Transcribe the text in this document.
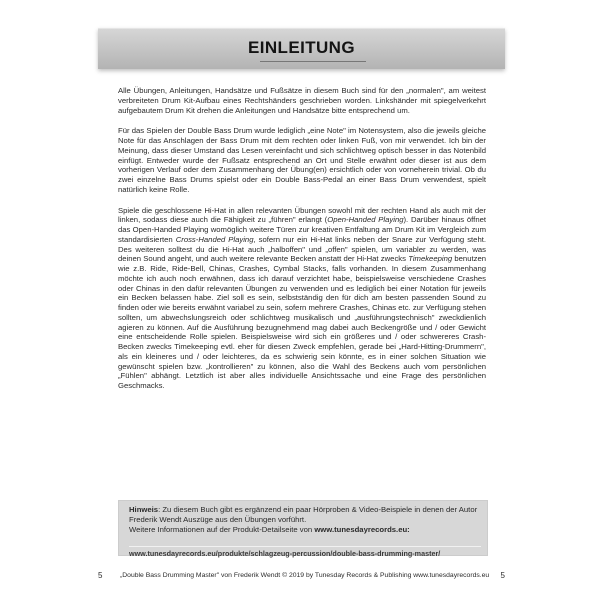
EINLEITUNG

Alle Übungen, Anleitungen, Handsätze und Fußsätze in diesem Buch sind für den „normalen", am weitest verbreiteten Drum Kit-Aufbau eines Rechtshänders geschrieben worden. Linkshänder mit spiegelverkehrt aufgebautem Drum Kit drehen die Anleitungen und Handsätze bitte entsprechend um.

Für das Spielen der Double Bass Drum wurde lediglich „eine Note" im Notensystem, also die jeweils gleiche Note für das Anschlagen der Bass Drum mit dem rechten oder linken Fuß, von mir verwendet. Ich bin der Meinung, dass dieser Umstand das Lesen vereinfacht und sich schlichtweg optisch besser in das Notenbild einfügt. Entweder wurde der Fußsatz entsprechend an Ort und Stelle erwähnt oder dieser ist aus dem vorherigen Verlauf oder dem Zusammenhang der Übung(en) ersichtlich oder von vorneherein trivial. Ob du zwei einzelne Bass Drums spielst oder ein Double Bass-Pedal an einer Bass Drum verwendest, spielt natürlich keine Rolle.

Spiele die geschlossene Hi-Hat in allen relevanten Übungen sowohl mit der rechten Hand als auch mit der linken, sodass diese auch die Fähigkeit zu „führen" erlangt (Open-Handed Playing). Darüber hinaus öffnet das Open-Handed Playing womöglich weitere Türen zur kreativen Entfaltung am Drum Kit im Vergleich zum standardisierten Cross-Handed Playing, sofern nur ein Hi-Hat links neben der Snare zur Verfügung steht. Des weiteren solltest du die Hi-Hat auch „halboffen" und „offen" spielen, um variabler zu werden, was deinen Sound angeht, und auch weitere relevante Becken anstatt der Hi-Hat zwecks Timekeeping benutzen wie z.B. Ride, Ride-Bell, Chinas, Crashes, Cymbal Stacks, falls vorhanden. In diesem Zusammenhang möchte ich auch noch erwähnen, dass ich darauf verzichtet habe, beispielsweise verschiedene Crashes oder Chinas in den dafür relevanten Übungen zu verwenden und es lediglich bei einer Notation für jeweils ein Becken belassen habe. Ziel soll es sein, selbstständig den für dich am besten passenden Sound zu finden oder wie bereits erwähnt variabel zu sein, sofern mehrere Crashes, Chinas etc. zur Verfügung stehen sollten, um abwechslungsreich oder schlichtweg musikalisch und „ausführungstechnisch" zweckdienlich agieren zu können. Auf die Ausführung bezugnehmend mag dabei auch Beckengröße und / oder Gewicht eine entscheidende Rolle spielen. Beispielsweise wird sich ein größeres und / oder schwereres Crash-Becken zwecks Timekeeping evtl. eher für diesen Zweck empfehlen, gerade bei „Hard-Hitting-Drummern", als ein kleineres und / oder leichteres, da es schwierig sein könnte, es in einer solchen Situation wie gewünscht spielen bzw. „kontrollieren" zu können, also die Wahl des Beckens auch vom persönlichen „Fühlen" abhängt. Letztlich ist aber alles individuelle Ansichtssache und eine Frage des persönlichen Geschmacks.

Hinweis: Zu diesem Buch gibt es ergänzend ein paar Hörproben & Video-Beispiele in denen der Autor Frederik Wendt Auszüge aus den Übungen vorführt.
Weitere Informationen auf der Produkt-Detailseite von www.tunesdayrecords.eu:
www.tunesdayrecords.eu/produkte/schlagzeug-percussion/double-bass-drumming-master/
5	„Double Bass Drumming Master" von Frederik Wendt © 2019 by Tunesday Records & Publishing www.tunesdayrecords.eu 5
